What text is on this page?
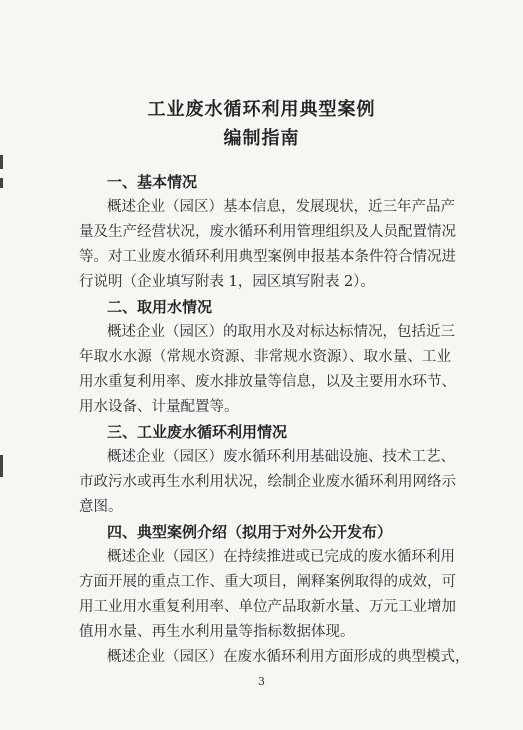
工业废水循环利用典型案例
编制指南
一、基本情况
概述企业（园区）基本信息，发展现状，近三年产品产
量及生产经营状况，废水循环利用管理组织及人员配置情况
等。对工业废水循环利用典型案例申报基本条件符合情况进
行说明（企业填写附表 1，园区填写附表 2）。
二、取用水情况
概述企业（园区）的取用水及对标达标情况，包括近三
年取水水源（常规水资源、非常规水资源）、取水量、工业
用水重复利用率、废水排放量等信息，以及主要用水环节、
用水设备、计量配置等。
三、工业废水循环利用情况
概述企业（园区）废水循环利用基础设施、技术工艺、
市政污水或再生水利用状况，绘制企业废水循环利用网络示
意图。
四、典型案例介绍（拟用于对外公开发布）
概述企业（园区）在持续推进或已完成的废水循环利用
方面开展的重点工作、重大项目，阐释案例取得的成效，可
用工业用水重复利用率、单位产品取新水量、万元工业增加
值用水量、再生水利用量等指标数据体现。
概述企业（园区）在废水循环利用方面形成的典型模式，
3
